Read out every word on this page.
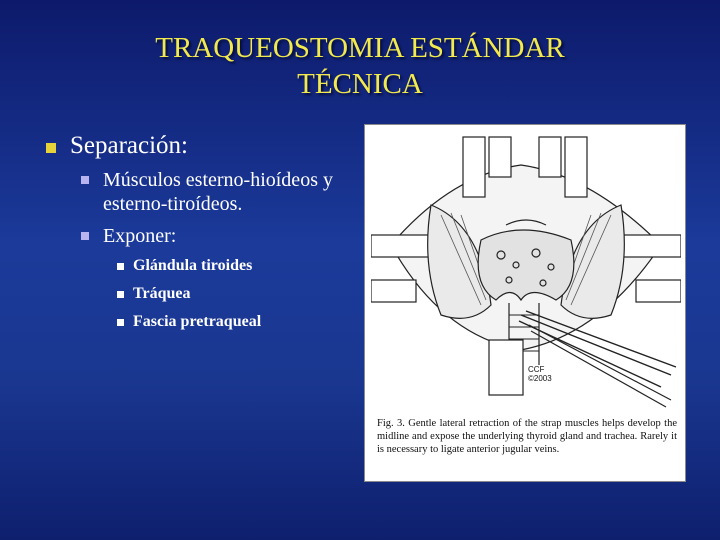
TRAQUEOSTOMIA ESTÁNDAR
TÉCNICA
Separación:
Músculos esterno-hioídeos y esterno-tiroídeos.
Exponer:
Glándula tiroides
Tráquea
Fascia pretraqueal
CCF
©2003
Fig. 3. Gentle lateral retraction of the strap muscles helps develop the midline and expose the underlying thyroid gland and trachea. Rarely it is necessary to ligate anterior jugular veins.
